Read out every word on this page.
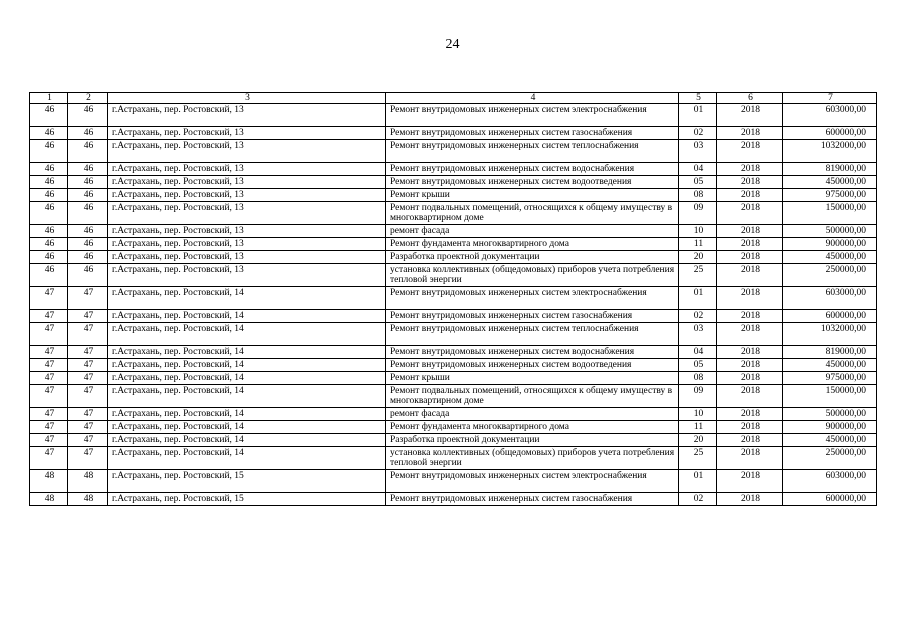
24
1	2	3	4	5	6	7
46	46	г.Астрахань, пер. Ростовский, 13	Ремонт внутридомовых инженерных систем электроснабжения	01	2018	603000,00
46	46	г.Астрахань, пер. Ростовский, 13	Ремонт внутридомовых инженерных систем газоснабжения	02	2018	600000,00
46	46	г.Астрахань, пер. Ростовский, 13	Ремонт внутридомовых инженерных систем теплоснабжения	03	2018	1032000,00
46	46	г.Астрахань, пер. Ростовский, 13	Ремонт внутридомовых инженерных систем водоснабжения	04	2018	819000,00
46	46	г.Астрахань, пер. Ростовский, 13	Ремонт внутридомовых инженерных систем водоотведения	05	2018	450000,00
46	46	г.Астрахань, пер. Ростовский, 13	Ремонт крыши	08	2018	975000,00
46	46	г.Астрахань, пер. Ростовский, 13	Ремонт подвальных помещений, относящихся к общему имуществу в многоквартирном доме	09	2018	150000,00
46	46	г.Астрахань, пер. Ростовский, 13	ремонт фасада	10	2018	500000,00
46	46	г.Астрахань, пер. Ростовский, 13	Ремонт фундамента многоквартирного дома	11	2018	900000,00
46	46	г.Астрахань, пер. Ростовский, 13	Разработка проектной документации	20	2018	450000,00
46	46	г.Астрахань, пер. Ростовский, 13	установка коллективных (общедомовых) приборов учета потребления тепловой энергии	25	2018	250000,00
47	47	г.Астрахань, пер. Ростовский, 14	Ремонт внутридомовых инженерных систем электроснабжения	01	2018	603000,00
47	47	г.Астрахань, пер. Ростовский, 14	Ремонт внутридомовых инженерных систем газоснабжения	02	2018	600000,00
47	47	г.Астрахань, пер. Ростовский, 14	Ремонт внутридомовых инженерных систем теплоснабжения	03	2018	1032000,00
47	47	г.Астрахань, пер. Ростовский, 14	Ремонт внутридомовых инженерных систем водоснабжения	04	2018	819000,00
47	47	г.Астрахань, пер. Ростовский, 14	Ремонт внутридомовых инженерных систем водоотведения	05	2018	450000,00
47	47	г.Астрахань, пер. Ростовский, 14	Ремонт крыши	08	2018	975000,00
47	47	г.Астрахань, пер. Ростовский, 14	Ремонт подвальных помещений, относящихся к общему имуществу в многоквартирном доме	09	2018	150000,00
47	47	г.Астрахань, пер. Ростовский, 14	ремонт фасада	10	2018	500000,00
47	47	г.Астрахань, пер. Ростовский, 14	Ремонт фундамента многоквартирного дома	11	2018	900000,00
47	47	г.Астрахань, пер. Ростовский, 14	Разработка проектной документации	20	2018	450000,00
47	47	г.Астрахань, пер. Ростовский, 14	установка коллективных (общедомовых) приборов учета потребления тепловой энергии	25	2018	250000,00
48	48	г.Астрахань, пер. Ростовский, 15	Ремонт внутридомовых инженерных систем электроснабжения	01	2018	603000,00
48	48	г.Астрахань, пер. Ростовский, 15	Ремонт внутридомовых инженерных систем газоснабжения	02	2018	600000,00
